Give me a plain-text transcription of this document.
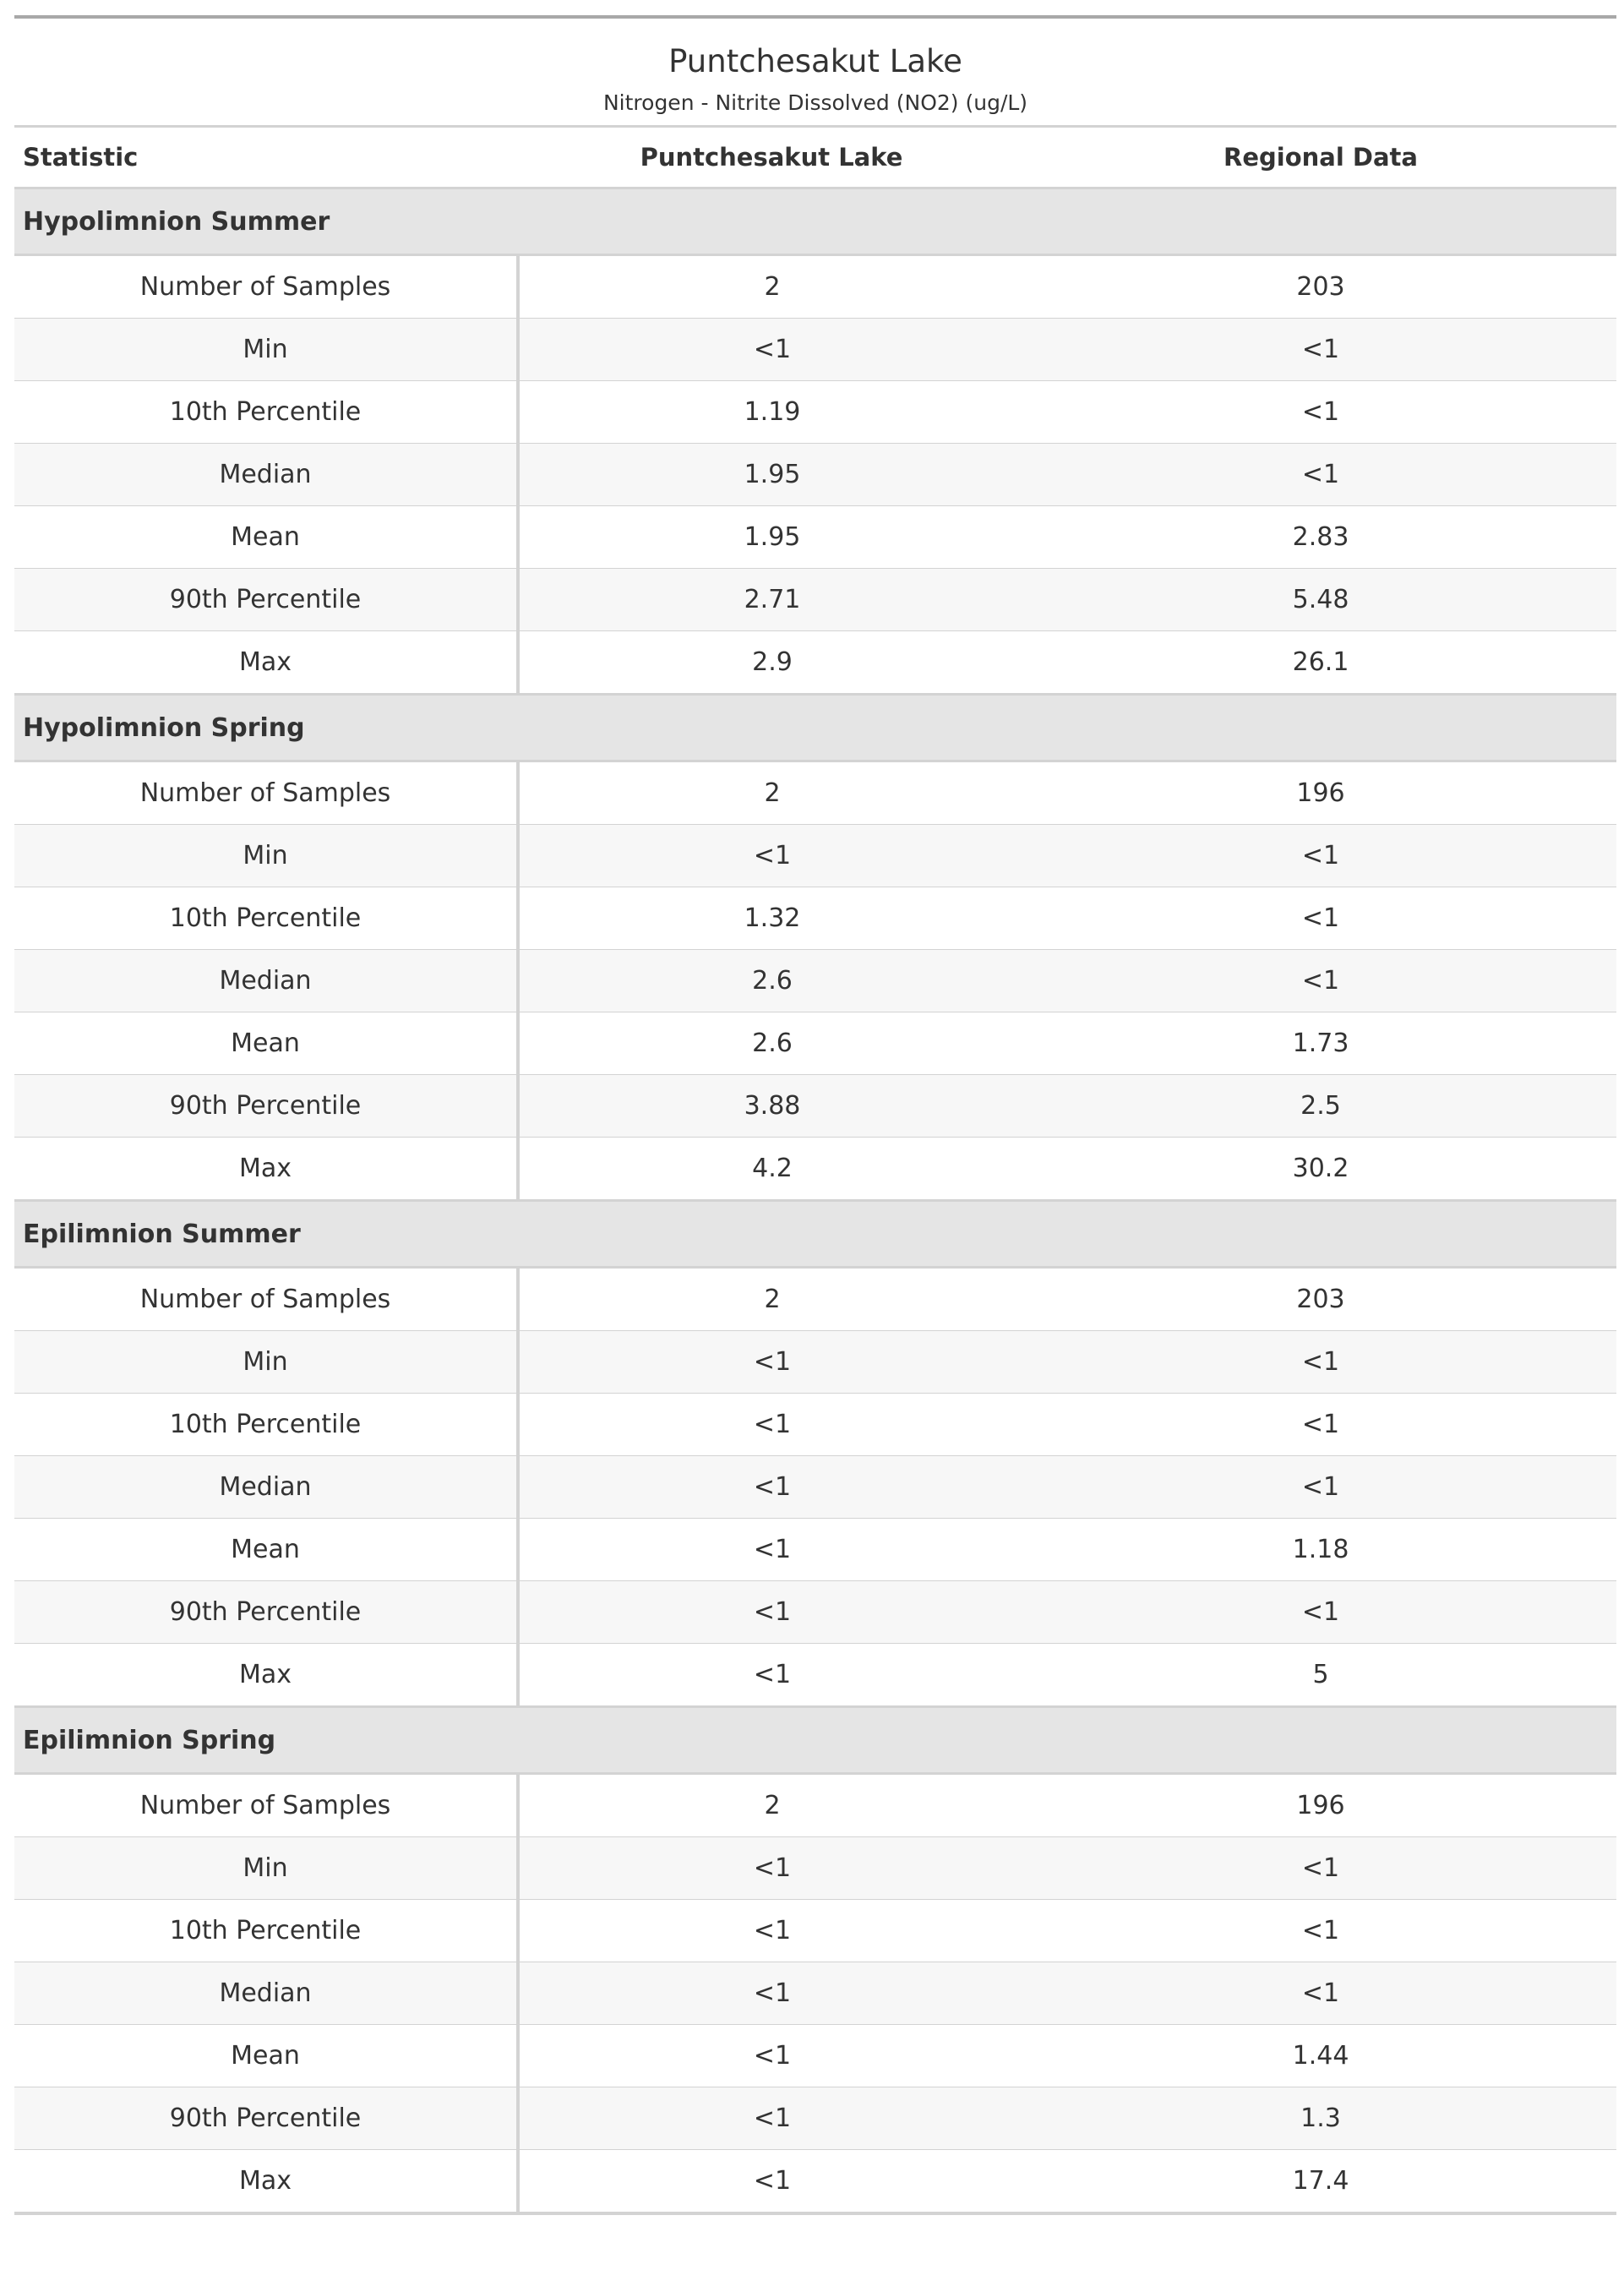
Puntchesakut Lake		
Nitrogen - Nitrite Dissolved (NO2) (ug/L)		
Statistic	Puntchesakut Lake	Regional Data
Hypolimnion Summer		
Number of Samples	2	203
Min	<1	<1
10th Percentile	1.19	<1
Median	1.95	<1
Mean	1.95	2.83
90th Percentile	2.71	5.48
Max	2.9	26.1
Hypolimnion Spring		
Number of Samples	2	196
Min	<1	<1
10th Percentile	1.32	<1
Median	2.6	<1
Mean	2.6	1.73
90th Percentile	3.88	2.5
Max	4.2	30.2
Epilimnion Summer		
Number of Samples	2	203
Min	<1	<1
10th Percentile	<1	<1
Median	<1	<1
Mean	<1	1.18
90th Percentile	<1	<1
Max	<1	5
Epilimnion Spring		
Number of Samples	2	196
Min	<1	<1
10th Percentile	<1	<1
Median	<1	<1
Mean	<1	1.44
90th Percentile	<1	1.3
Max	<1	17.4
